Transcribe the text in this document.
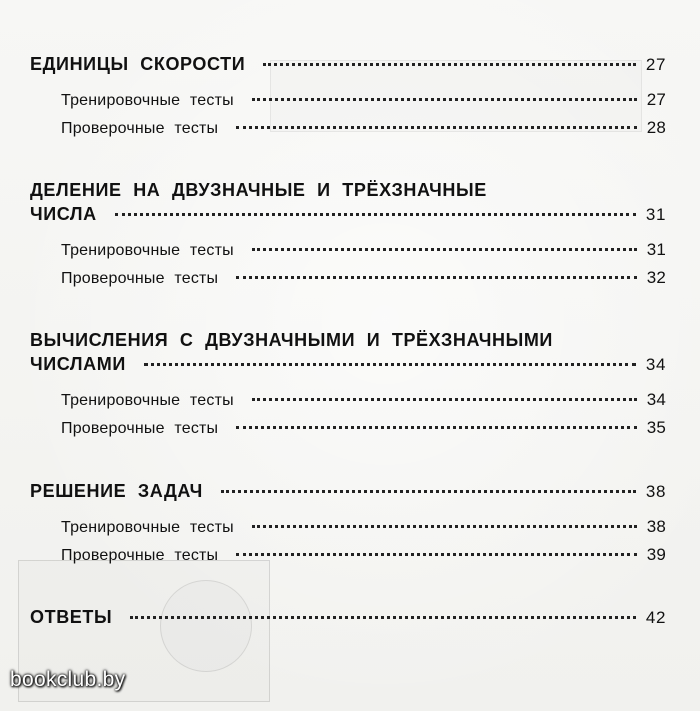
ЕДИНИЦЫ СКОРОСТИ	27
Тренировочные тесты	27
Проверочные тесты	28
ДЕЛЕНИЕ НА ДВУЗНАЧНЫЕ И ТРЁХЗНАЧНЫЕ
ЧИСЛА	31
Тренировочные тесты	31
Проверочные тесты	32
ВЫЧИСЛЕНИЯ С ДВУЗНАЧНЫМИ И ТРЁХЗНАЧНЫМИ
ЧИСЛАМИ	34
Тренировочные тесты	34
Проверочные тесты	35
РЕШЕНИЕ ЗАДАЧ	38
Тренировочные тесты	38
Проверочные тесты	39
ОТВЕТЫ	42
bookclub.by
